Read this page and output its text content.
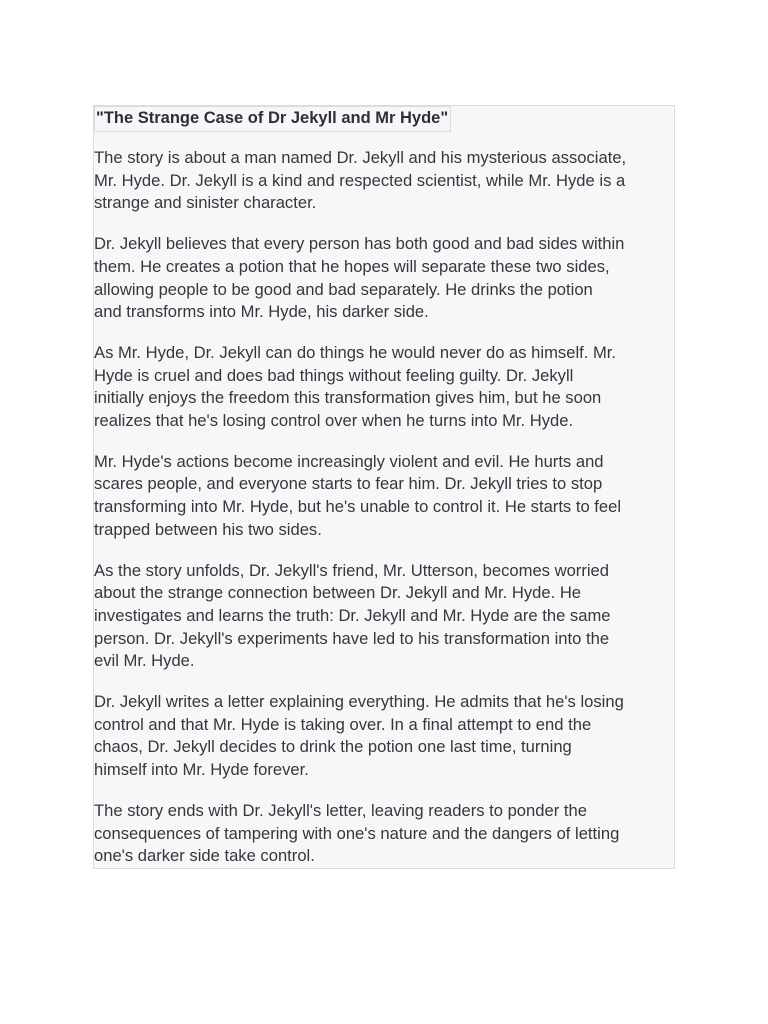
"The Strange Case of Dr Jekyll and Mr Hyde"

The story is about a man named Dr. Jekyll and his mysterious associate,
Mr. Hyde. Dr. Jekyll is a kind and respected scientist, while Mr. Hyde is a
strange and sinister character.

Dr. Jekyll believes that every person has both good and bad sides within
them. He creates a potion that he hopes will separate these two sides,
allowing people to be good and bad separately. He drinks the potion
and transforms into Mr. Hyde, his darker side.

As Mr. Hyde, Dr. Jekyll can do things he would never do as himself. Mr.
Hyde is cruel and does bad things without feeling guilty. Dr. Jekyll
initially enjoys the freedom this transformation gives him, but he soon
realizes that he's losing control over when he turns into Mr. Hyde.

Mr. Hyde's actions become increasingly violent and evil. He hurts and
scares people, and everyone starts to fear him. Dr. Jekyll tries to stop
transforming into Mr. Hyde, but he's unable to control it. He starts to feel
trapped between his two sides.

As the story unfolds, Dr. Jekyll's friend, Mr. Utterson, becomes worried
about the strange connection between Dr. Jekyll and Mr. Hyde. He
investigates and learns the truth: Dr. Jekyll and Mr. Hyde are the same
person. Dr. Jekyll's experiments have led to his transformation into the
evil Mr. Hyde.

Dr. Jekyll writes a letter explaining everything. He admits that he's losing
control and that Mr. Hyde is taking over. In a final attempt to end the
chaos, Dr. Jekyll decides to drink the potion one last time, turning
himself into Mr. Hyde forever.

The story ends with Dr. Jekyll's letter, leaving readers to ponder the
consequences of tampering with one's nature and the dangers of letting
one's darker side take control.
